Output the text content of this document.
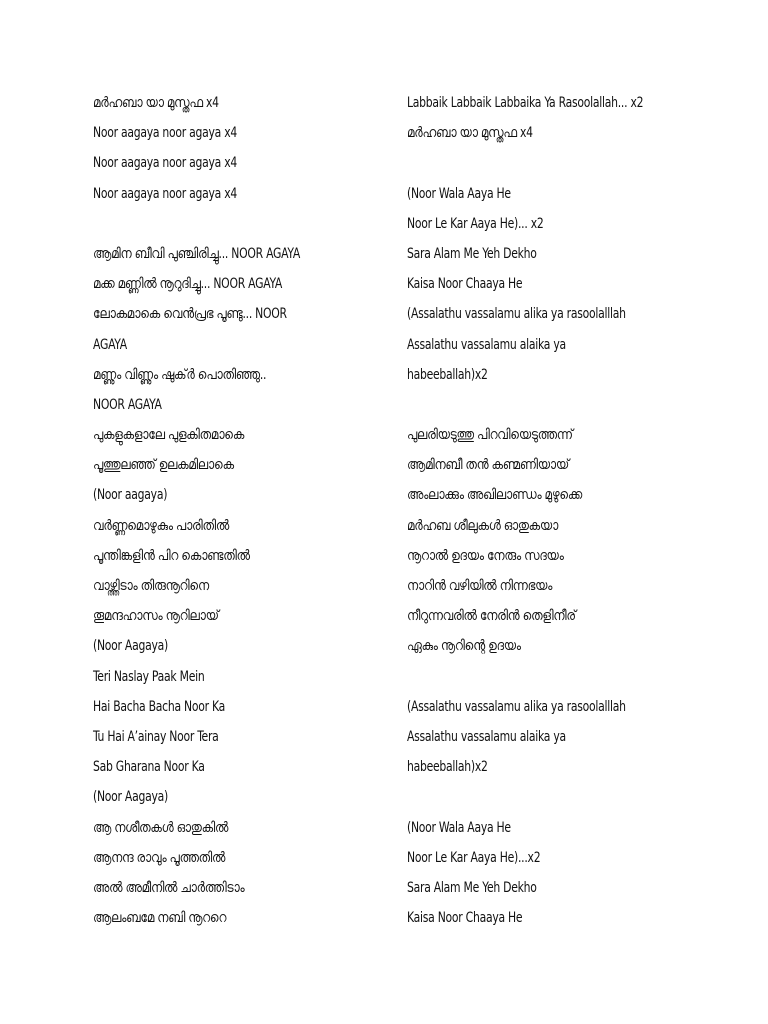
മർഹബാ യാ മുസ്തഫ x4
Noor aagaya noor agaya x4
Noor aagaya noor agaya x4
Noor aagaya noor agaya x4
ആമിന ബീവി പുഞ്ചിരിച്ചു... NOOR AGAYA
മക്ക മണ്ണിൽ നൂറുദിച്ചു... NOOR AGAYA
ലോകമാകെ വെൻപ്രഭ പൂണ്ടു... NOOR
AGAYA
മണ്ണും വിണ്ണും ഷുക്ർ പൊതിഞ്ഞു..
NOOR AGAYA
പുകളുകളാലേ പുളകിതമാകെ
പൂത്തുലഞ്ഞ് ഉലകമിലാകെ
(Noor aagaya)
വർണ്ണമൊഴുകും പാരിതിൽ
പൂന്തിങ്കളിൻ പിറ കൊണ്ടതിൽ
വാഴ്ത്തിടാം തിരുനൂറിനെ
തൂമന്ദഹാസം നൂറിലായ്
(Noor Aagaya)
Teri Naslay Paak Mein
Hai Bacha Bacha Noor Ka
Tu Hai A’ainay Noor Tera
Sab Gharana Noor Ka
(Noor Aagaya)
ആ നശീതകൾ ഓതുകിൽ
ആനന്ദ രാവും പൂത്തതിൽ
അൽ അമീനിൽ ചാർത്തിടാം
ആലംബമേ നബി നൂററെ
Labbaik Labbaik Labbaika Ya Rasoolallah... x2
മർഹബാ യാ മുസ്തഫ x4
(Noor Wala Aaya He
Noor Le Kar Aaya He)... x2
Sara Alam Me Yeh Dekho
Kaisa Noor Chaaya He
(Assalathu vassalamu alika ya rasoolalllah
Assalathu vassalamu alaika ya
habeeballah)x2
പുലരിയടുത്തു പിറവിയെടുത്തന്ന്
ആമിനബീ തൻ കണ്മണിയായ്
അംലാക്കും അഖിലാണ്ഡം മുഴുക്കെ
മർഹബ ശീലുകൾ ഓതുകയാ
നൂറാൽ ഉദയം നേരും സദയം
നാറിൻ വഴിയിൽ നിന്നഭയം
നീറുന്നവരിൽ നേരിൻ തെളിനീര്
ഏകും നൂറിന്റെ ഉദയം
(Assalathu vassalamu alika ya rasoolalllah
Assalathu vassalamu alaika ya
habeeballah)x2
(Noor Wala Aaya He
Noor Le Kar Aaya He)...x2
Sara Alam Me Yeh Dekho
Kaisa Noor Chaaya He
